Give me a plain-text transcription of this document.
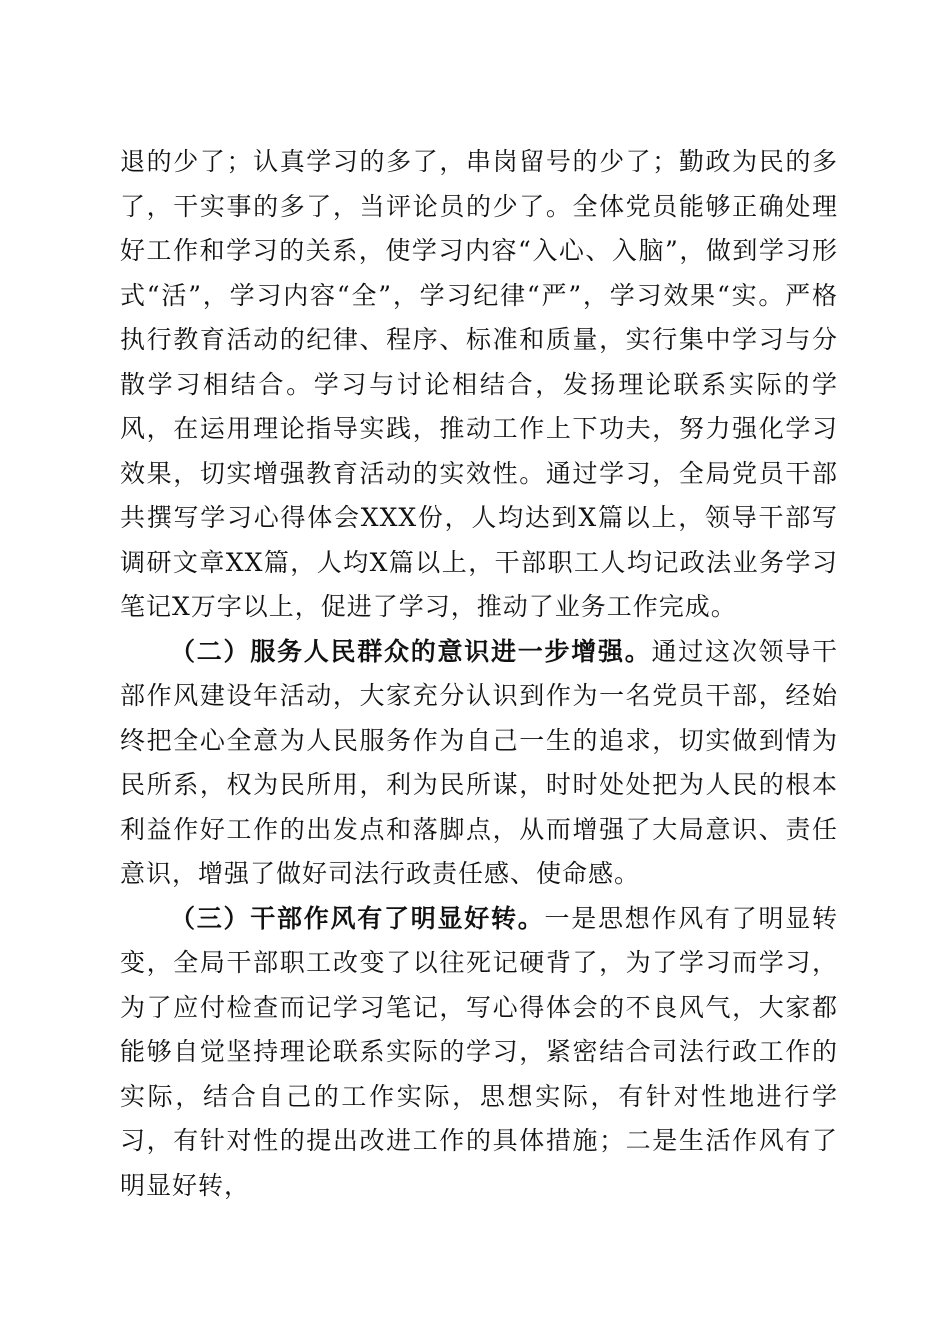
退的少了；认真学习的多了，串岗留号的少了；勤政为民的多了，干实事的多了，当评论员的少了。全体党员能够正确处理好工作和学习的关系，使学习内容“入心、入脑”，做到学习形式“活”，学习内容“全”，学习纪律“严”，学习效果“实。严格执行教育活动的纪律、程序、标准和质量，实行集中学习与分散学习相结合。学习与讨论相结合，发扬理论联系实际的学风，在运用理论指导实践，推动工作上下功夫，努力强化学习效果，切实增强教育活动的实效性。通过学习，全局党员干部共撰写学习心得体会XXX份，人均达到X篇以上，领导干部写调研文章XX篇，人均X篇以上，干部职工人均记政法业务学习笔记X万字以上，促进了学习，推动了业务工作完成。

（二）服务人民群众的意识进一步增强。通过这次领导干部作风建设年活动，大家充分认识到作为一名党员干部，经始终把全心全意为人民服务作为自己一生的追求，切实做到情为民所系，权为民所用，利为民所谋，时时处处把为人民的根本利益作好工作的出发点和落脚点，从而增强了大局意识、责任意识，增强了做好司法行政责任感、使命感。

（三）干部作风有了明显好转。一是思想作风有了明显转变，全局干部职工改变了以往死记硬背了，为了学习而学习，为了应付检查而记学习笔记，写心得体会的不良风气，大家都能够自觉坚持理论联系实际的学习，紧密结合司法行政工作的实际，结合自己的工作实际，思想实际，有针对性地进行学习，有针对性的提出改进工作的具体措施；二是生活作风有了明显好转，
